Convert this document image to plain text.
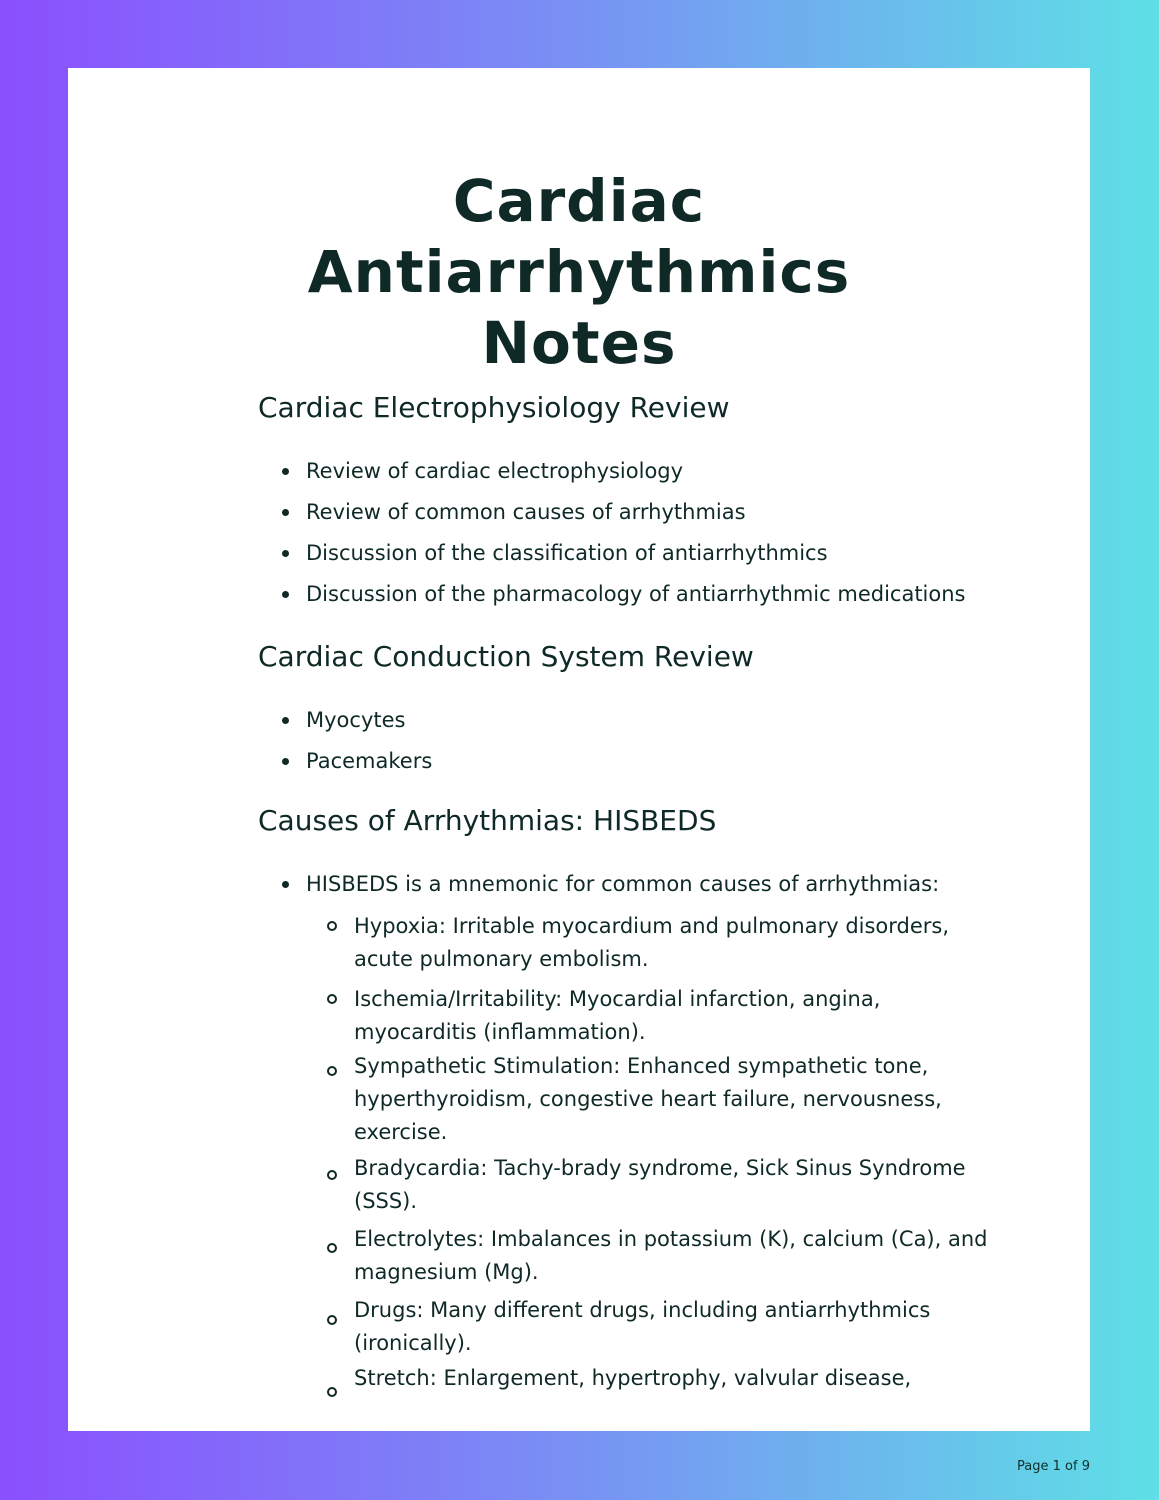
Cardiac
Antiarrhythmics
Notes
Cardiac Electrophysiology Review
Review of cardiac electrophysiology
Review of common causes of arrhythmias
Discussion of the classification of antiarrhythmics
Discussion of the pharmacology of antiarrhythmic medications
Cardiac Conduction System Review
Myocytes
Pacemakers
Causes of Arrhythmias: HISBEDS
HISBEDS is a mnemonic for common causes of arrhythmias:
Hypoxia: Irritable myocardium and pulmonary disorders, acute pulmonary embolism.
Ischemia/Irritability: Myocardial infarction, angina, myocarditis (inflammation).
Sympathetic Stimulation: Enhanced sympathetic tone, hyperthyroidism, congestive heart failure, nervousness, exercise.
Bradycardia: Tachy-brady syndrome, Sick Sinus Syndrome (SSS).
Electrolytes: Imbalances in potassium (K), calcium (Ca), and magnesium (Mg).
Drugs: Many different drugs, including antiarrhythmics (ironically).
Stretch: Enlargement, hypertrophy, valvular disease,
Page 1 of 9
